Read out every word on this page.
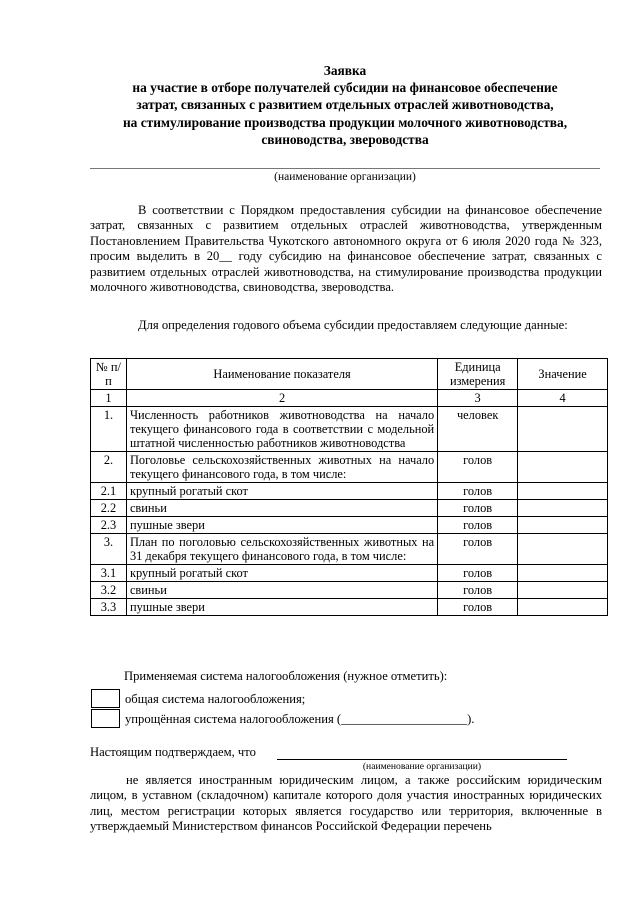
Заявка
на участие в отборе получателей субсидии на финансовое обеспечение
затрат, связанных с развитием отдельных отраслей животноводства,
на стимулирование производства продукции молочного животноводства,
свиноводства, звероводства
(наименование организации)
В соответствии с Порядком предоставления субсидии на финансовое обеспечение затрат, связанных с развитием отдельных отраслей животноводства, утвержденным Постановлением Правительства Чукотского автономного округа от 6 июля 2020 года № 323, просим выделить в 20__ году субсидию на финансовое обеспечение затрат, связанных с развитием отдельных отраслей животноводства, на стимулирование производства продукции молочного животноводства, свиноводства, звероводства.
Для определения годового объема субсидии предоставляем следующие данные:
№ п/п	Наименование показателя	Единица измерения	Значение
1	2	3	4
1.	Численность работников животноводства на начало текущего финансового года в соответствии с модельной штатной численностью работников животноводства	человек	
2.	Поголовье сельскохозяйственных животных на начало текущего финансового года, в том числе:	голов	
2.1	крупный рогатый скот	голов	
2.2	свиньи	голов	
2.3	пушные звери	голов	
3.	План по поголовью сельскохозяйственных животных на 31 декабря текущего финансового года, в том числе:	голов	
3.1	крупный рогатый скот	голов	
3.2	свиньи	голов	
3.3	пушные звери	голов	
Применяемая система налогообложения (нужное отметить):
общая система налогообложения;
упрощённая система налогообложения (____________________).
Настоящим подтверждаем, что
(наименование организации)
не является иностранным юридическим лицом, а также российским юридическим лицом, в уставном (складочном) капитале которого доля участия иностранных юридических лиц, местом регистрации которых является государство или территория, включенные в утверждаемый Министерством финансов Российской Федерации перечень
